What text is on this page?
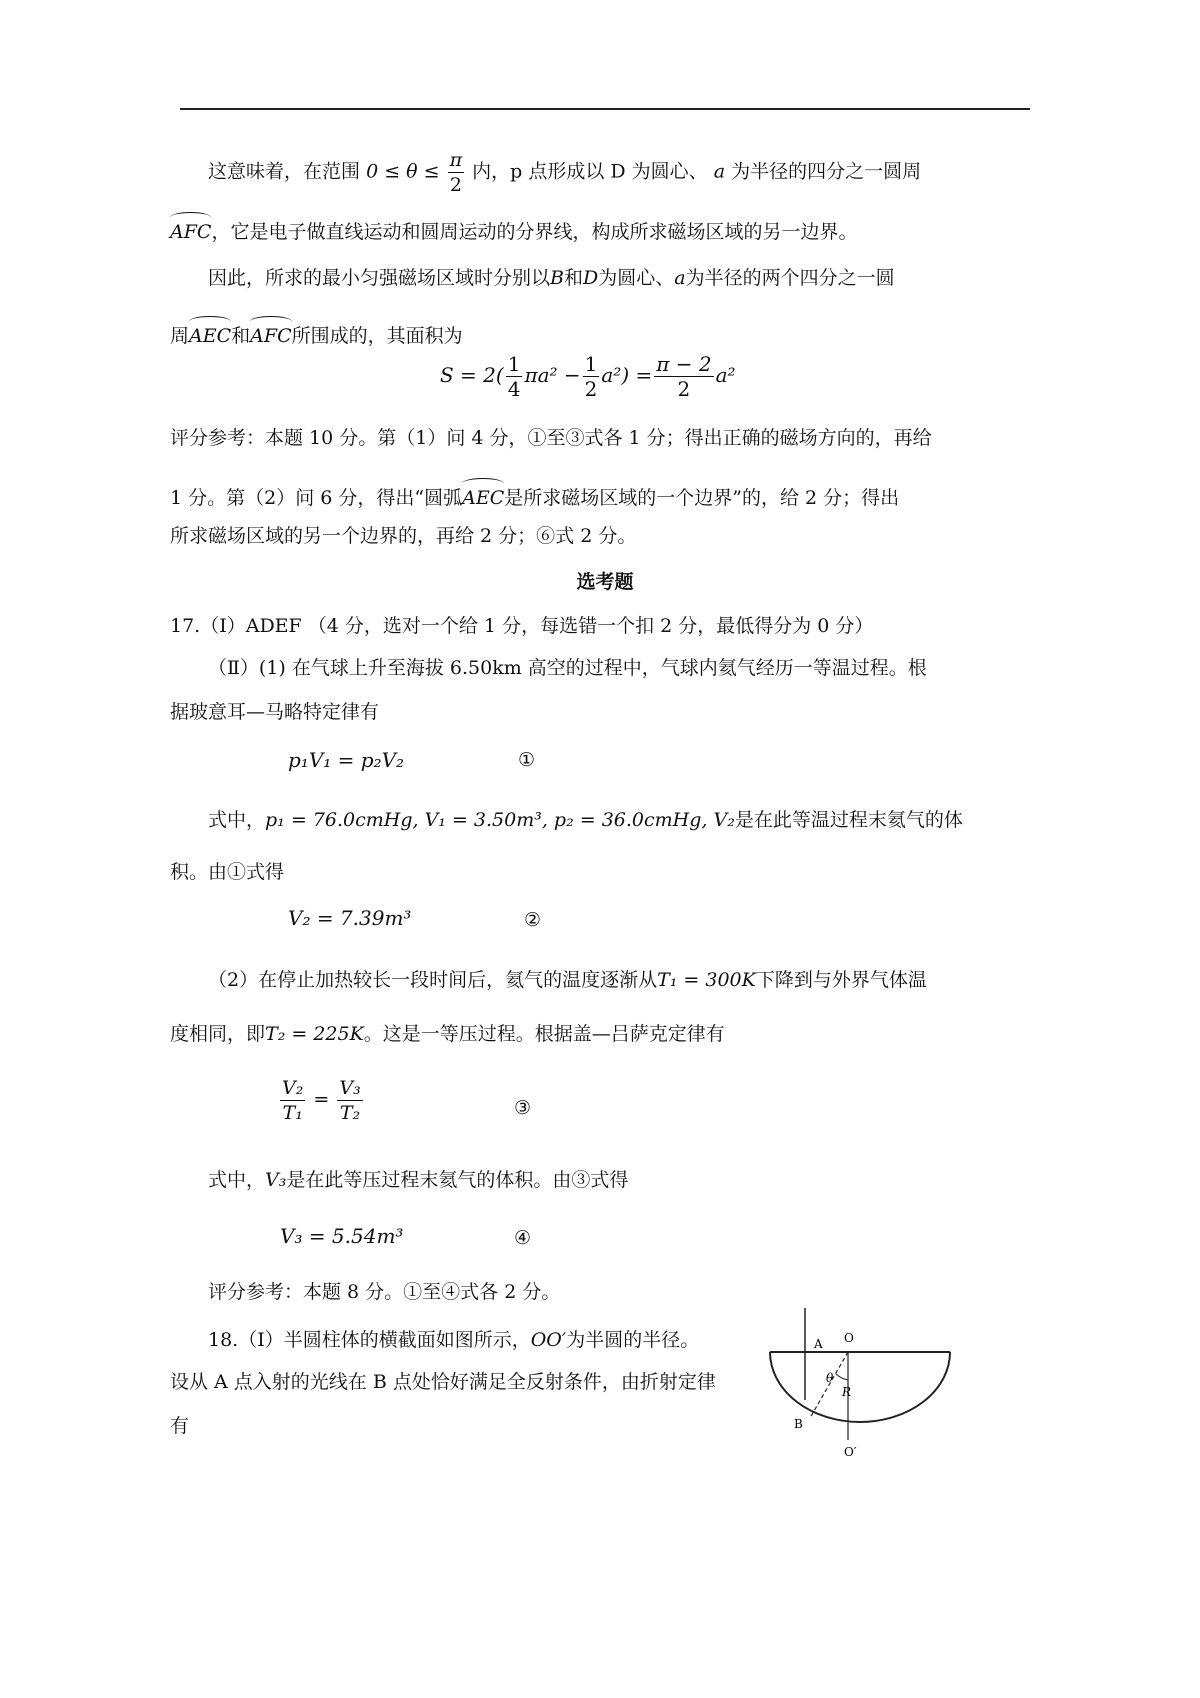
这意味着，在范围 $0 \le \theta \le \frac{\pi}{2}$ 内，p 点形成以 D 为圆心、 a 为半径的四分之一圆周
AFC，它是电子做直线运动和圆周运动的分界线，构成所求磁场区域的另一边界。
因此，所求的最小匀强磁场区域时分别以B和D为圆心、a为半径的两个四分之一圆
周AEC和AFC所围成的，其面积为
$S = 2( \frac{1}{4} \pi a^2 - \frac{1}{2} a^2) = \frac{\pi - 2}{2} a^2$
评分参考：本题 10 分。第（1）问 4 分，①至③式各 1 分；得出正确的磁场方向的，再给
1 分。第（2）问 6 分，得出“圆弧AEC是所求磁场区域的一个边界”的，给 2 分；得出
所求磁场区域的另一个边界的，再给 2 分；⑥式 2 分。
选考题
17.（Ⅰ）ADEF （4 分，选对一个给 1 分，每选错一个扣 2 分，最低得分为 0 分）
（Ⅱ）(1) 在气球上升至海拔 6.50km 高空的过程中，气球内氦气经历一等温过程。根
据玻意耳—马略特定律有
p₁V₁ = p₂V₂	①
式中，p₁ = 76.0cmHg, V₁ = 3.50m³, p₂ = 36.0cmHg, V₂是在此等温过程末氦气的体
积。由①式得
V₂ = 7.39m³	②
（2）在停止加热较长一段时间后，氦气的温度逐渐从T₁ = 300K下降到与外界气体温
度相同，即T₂ = 225K。这是一等压过程。根据盖—吕萨克定律有
$\frac{\text{V₂}}{\text{T₁}} = \frac{\text{V₃}}{\text{T₂}}$	③
式中，V₃是在此等压过程末氦气的体积。由③式得
V₃ = 5.54m³	④
评分参考：本题 8 分。①至④式各 2 分。
18.（Ⅰ）半圆柱体的横截面如图所示，OO′为半圆的半径。
设从 A 点入射的光线在 B 点处恰好满足全反射条件，由折射定律
有
A O
θ
R
B
O′
